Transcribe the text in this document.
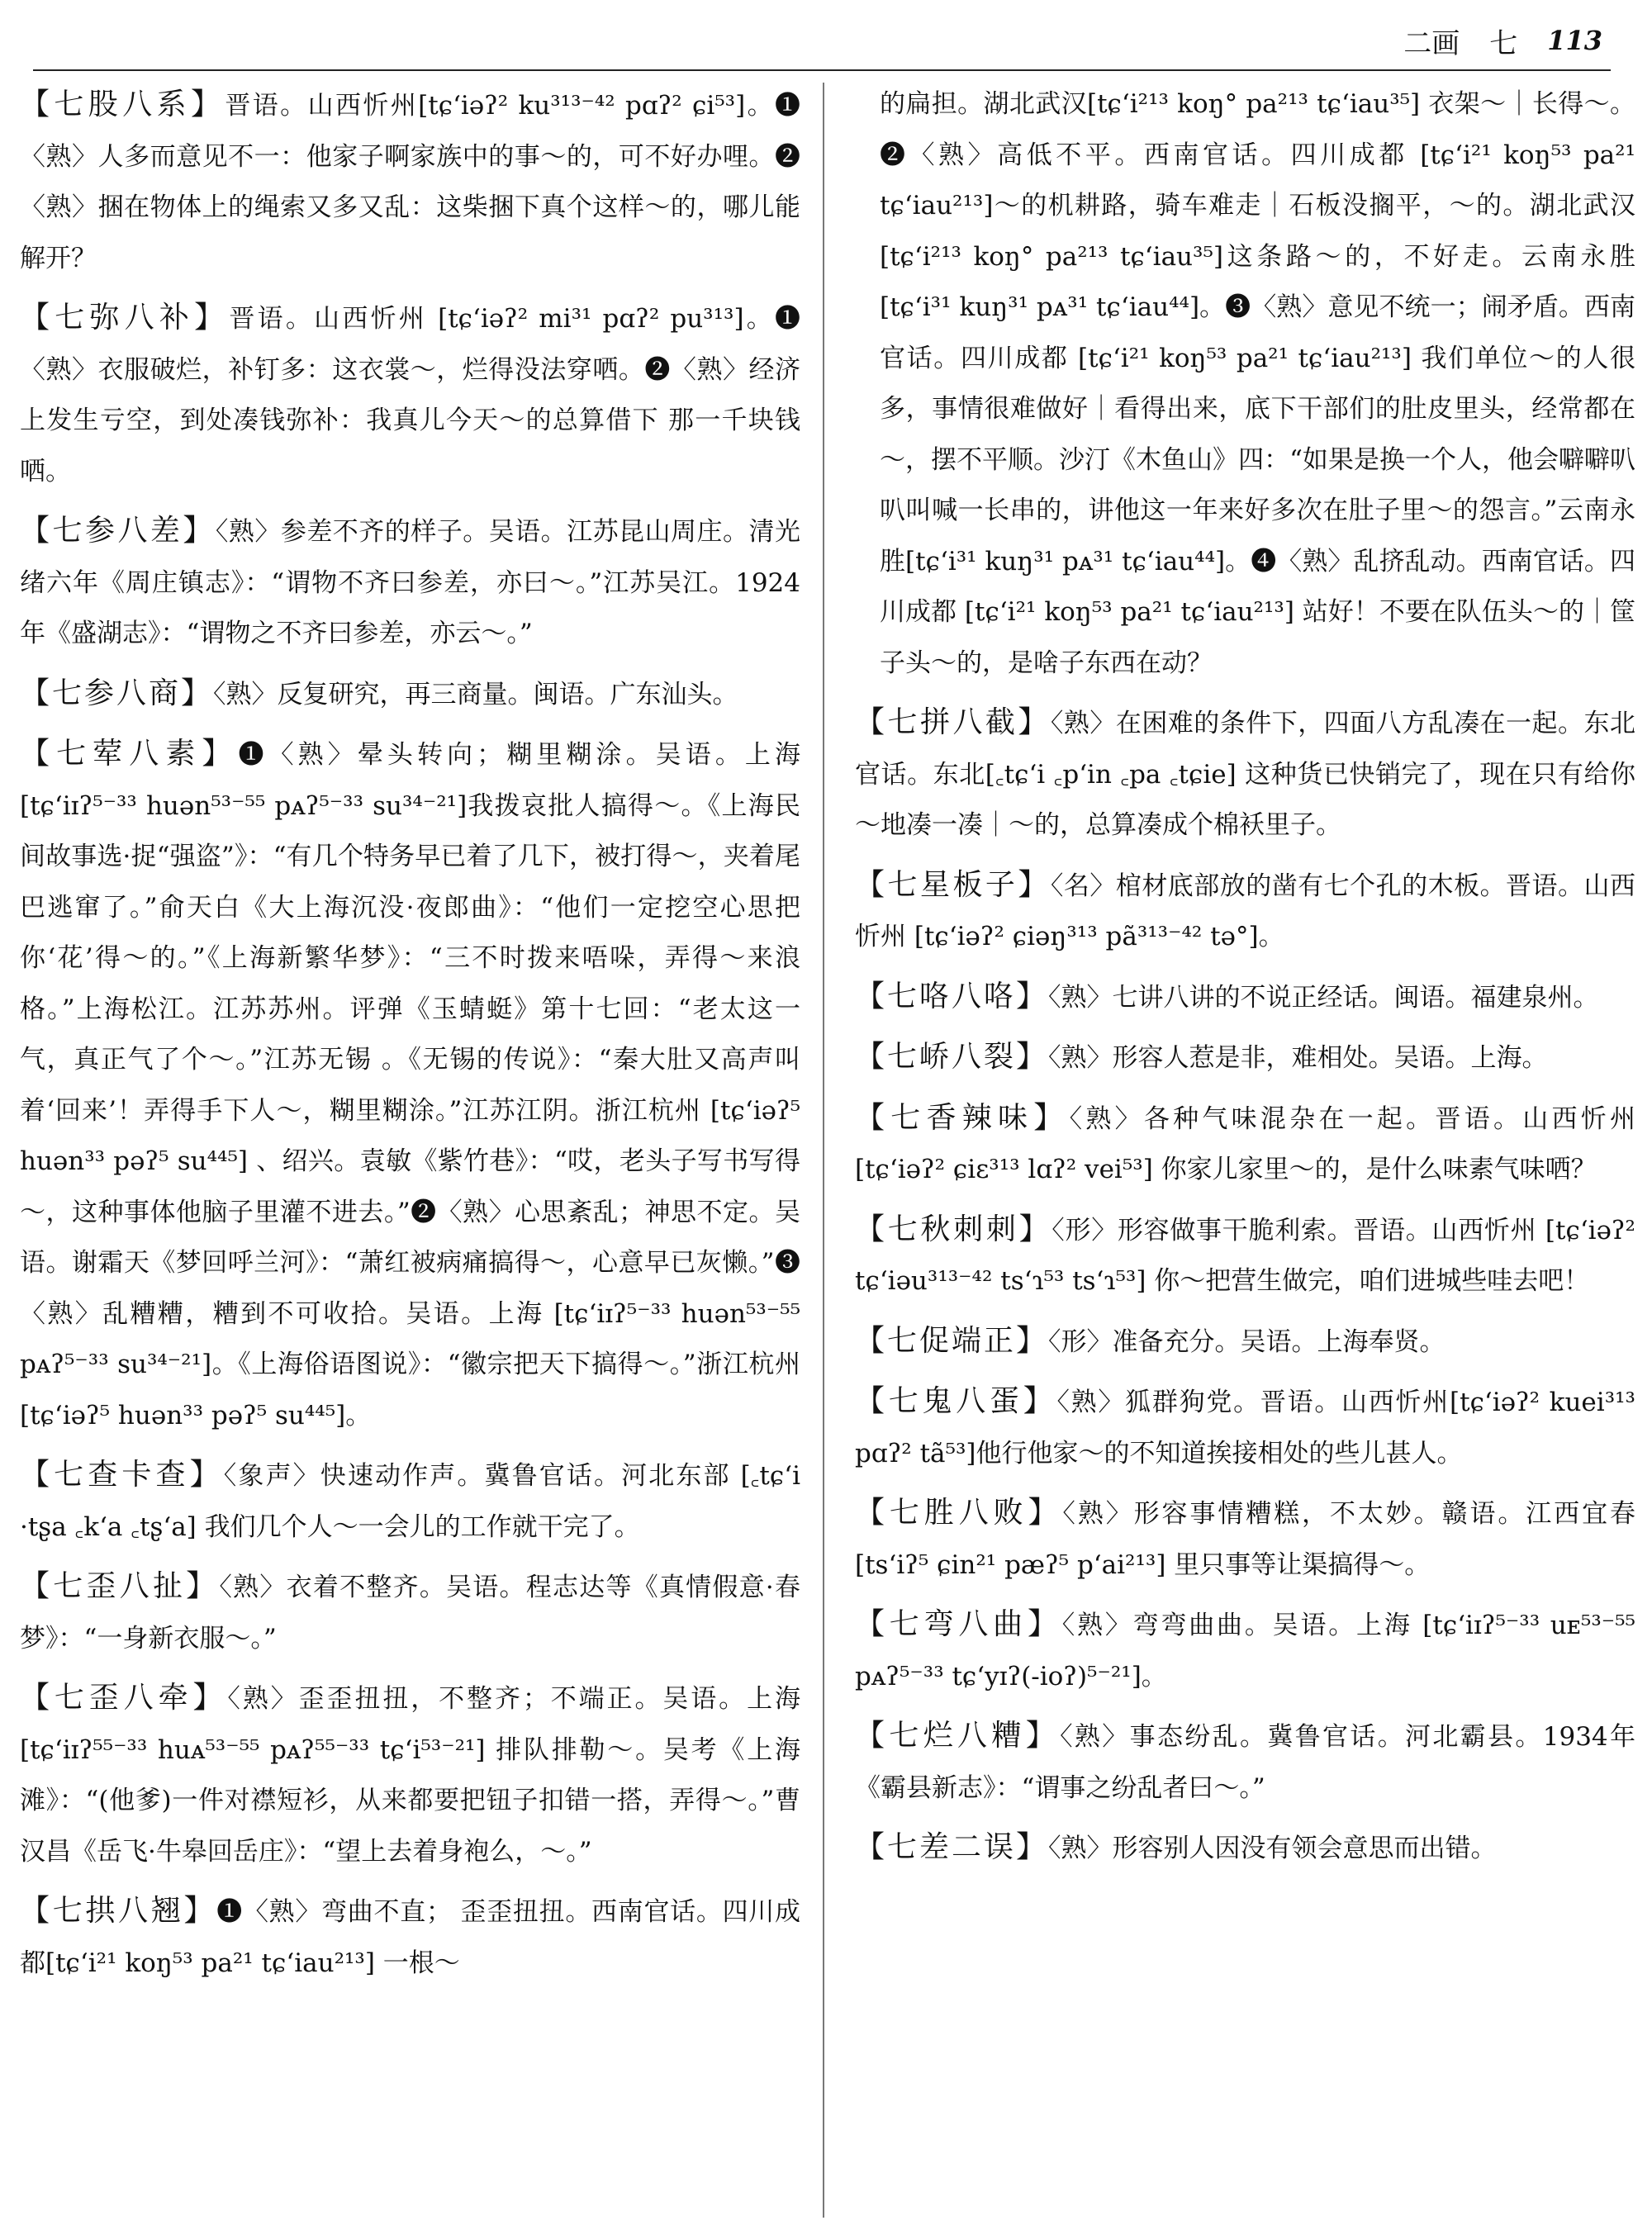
二画 七 113
【七股八系】晋语。山西忻州[tɕʻiəʔ² ku³¹³⁻⁴² pɑʔ² ɕi⁵³]。❶〈熟〉人多而意见不一：他家子啊家族中的事～的，可不好办哩。❷〈熟〉捆在物体上的绳索又多又乱：这柴捆下真个这样～的，哪儿能解开？
【七弥八补】晋语。山西忻州 [tɕʻiəʔ² mi³¹ pɑʔ² pu³¹³]。❶〈熟〉衣服破烂，补钉多：这衣裳～，烂得没法穿哂。❷〈熟〉经济上发生亏空，到处凑钱弥补：我真儿今天～的总算借下 那一千块钱哂。
【七参八差】〈熟〉参差不齐的样子。吴语。江苏昆山周庄。清光绪六年《周庄镇志》：“谓物不齐曰参差，亦曰～。”江苏吴江。1924年《盛湖志》：“谓物之不齐曰参差，亦云～。”
【七参八商】〈熟〉反复研究，再三商量。闽语。广东汕头。
【七荤八素】❶〈熟〉晕头转向；糊里糊涂。吴语。上海 [tɕʻiɪʔ⁵⁻³³ huən⁵³⁻⁵⁵ pᴀʔ⁵⁻³³ su³⁴⁻²¹]我拨哀批人搞得～。《上海民间故事选·捉“强盗”》：“有几个特务早已着了几下，被打得～，夹着尾巴逃窜了。”俞天白《大上海沉没·夜郎曲》：“他们一定挖空心思把你‘花’得～的。”《上海新繁华梦》：“三不时拨来唔哚，弄得～来浪格。”上海松江。江苏苏州。评弹《玉蜻蜓》第十七回：“老太这一气，真正气了个～。”江苏无锡 。《无锡的传说》：“秦大肚又高声叫着‘回来’！弄得手下人～，糊里糊涂。”江苏江阴。浙江杭州 [tɕʻiəʔ⁵ huən³³ pəʔ⁵ su⁴⁴⁵] 、绍兴。袁敏《紫竹巷》：“哎，老头子写书写得～，这种事体他脑子里灌不进去。”❷〈熟〉心思紊乱；神思不定。吴语。谢霜天《梦回呼兰河》：“萧红被病痛搞得～，心意早已灰懒。”❸〈熟〉乱糟糟，糟到不可收拾。吴语。上海 [tɕʻiɪʔ⁵⁻³³ huən⁵³⁻⁵⁵ pᴀʔ⁵⁻³³ su³⁴⁻²¹]。《上海俗语图说》：“徽宗把天下搞得～。”浙江杭州[tɕʻiəʔ⁵ huən³³ pəʔ⁵ su⁴⁴⁵]。
【七查卡查】〈象声〉快速动作声。冀鲁官话。河北东部 [꜀tɕʻi ·tʂa ꜀kʻa ꜀tʂʻa] 我们几个人～一会儿的工作就干完了。
【七歪八扯】〈熟〉衣着不整齐。吴语。程志达等《真情假意·春梦》：“一身新衣服～。”
【七歪八牵】〈熟〉歪歪扭扭，不整齐；不端正。吴语。上海[tɕʻiɪʔ⁵⁵⁻³³ huᴀ⁵³⁻⁵⁵ pᴀʔ⁵⁵⁻³³ tɕʻi⁵³⁻²¹] 排队排勒～。吴考《上海滩》：“(他爹)一件对襟短衫，从来都要把钮子扣错一搭，弄得～。”曹汉昌《岳飞·牛皋回岳庄》：“望上去着身袍么，～。”
【七拱八翘】❶〈熟〉弯曲不直； 歪歪扭扭。西南官话。四川成都[tɕʻi²¹ koŋ⁵³ pa²¹ tɕʻiau²¹³] 一根～
的扁担。湖北武汉[tɕʻi²¹³ koŋ° pa²¹³ tɕʻiau³⁵] 衣架～｜长得～。❷〈熟〉高低不平。西南官话。四川成都 [tɕʻi²¹ koŋ⁵³ pa²¹ tɕʻiau²¹³]～的机耕路，骑车难走｜石板没搁平，～的。湖北武汉 [tɕʻi²¹³ koŋ° pa²¹³ tɕʻiau³⁵]这条路～的，不好走。云南永胜 [tɕʻi³¹ kuŋ³¹ pᴀ³¹ tɕʻiau⁴⁴]。❸〈熟〉意见不统一；闹矛盾。西南官话。四川成都 [tɕʻi²¹ koŋ⁵³ pa²¹ tɕʻiau²¹³] 我们单位～的人很多，事情很难做好｜看得出来，底下干部们的肚皮里头，经常都在～，摆不平顺。沙汀《木鱼山》四：“如果是换一个人，他会噼噼叭叭叫喊一长串的，讲他这一年来好多次在肚子里～的怨言。”云南永胜[tɕʻi³¹ kuŋ³¹ pᴀ³¹ tɕʻiau⁴⁴]。❹〈熟〉乱挤乱动。西南官话。四川成都 [tɕʻi²¹ koŋ⁵³ pa²¹ tɕʻiau²¹³] 站好！不要在队伍头～的｜筐子头～的，是啥子东西在动？
【七拼八截】〈熟〉在困难的条件下，四面八方乱凑在一起。东北官话。东北[꜀tɕʻi ꜀pʻin ꜀pa ꜀tɕie] 这种货已快销完了，现在只有给你～地凑一凑｜～的，总算凑成个棉袄里子。
【七星板子】〈名〉棺材底部放的凿有七个孔的木板。晋语。山西忻州 [tɕʻiəʔ² ɕiəŋ³¹³ pã³¹³⁻⁴² tə°]。
【七咯八咯】〈熟〉七讲八讲的不说正经话。闽语。福建泉州。
【七峤八裂】〈熟〉形容人惹是非，难相处。吴语。上海。
【七香辣味】〈熟〉各种气味混杂在一起。晋语。山西忻州 [tɕʻiəʔ² ɕiɛ³¹³ lɑʔ² vei⁵³] 你家儿家里～的，是什么味素气味哂？
【七秋刺刺】〈形〉形容做事干脆利索。晋语。山西忻州 [tɕʻiəʔ² tɕʻiəu³¹³⁻⁴² tsʻɿ⁵³ tsʻɿ⁵³] 你～把营生做完，咱们进城些哇去吧！
【七促端正】〈形〉准备充分。吴语。上海奉贤。
【七鬼八蛋】〈熟〉狐群狗党。晋语。山西忻州[tɕʻiəʔ² kuei³¹³ pɑʔ² tã⁵³]他行他家～的不知道挨接相处的些儿甚人。
【七胜八败】〈熟〉形容事情糟糕，不太妙。赣语。江西宜春 [tsʻiʔ⁵ ɕin²¹ pæʔ⁵ pʻai²¹³] 里只事等让渠搞得～。
【七弯八曲】〈熟〉弯弯曲曲。吴语。上海 [tɕʻiɪʔ⁵⁻³³ uᴇ⁵³⁻⁵⁵ pᴀʔ⁵⁻³³ tɕʻyɪʔ(-ioʔ)⁵⁻²¹]。
【七烂八糟】〈熟〉事态纷乱。冀鲁官话。河北霸县。1934年《霸县新志》：“谓事之纷乱者曰～。”
【七差二误】〈熟〉形容别人因没有领会意思而出错。
